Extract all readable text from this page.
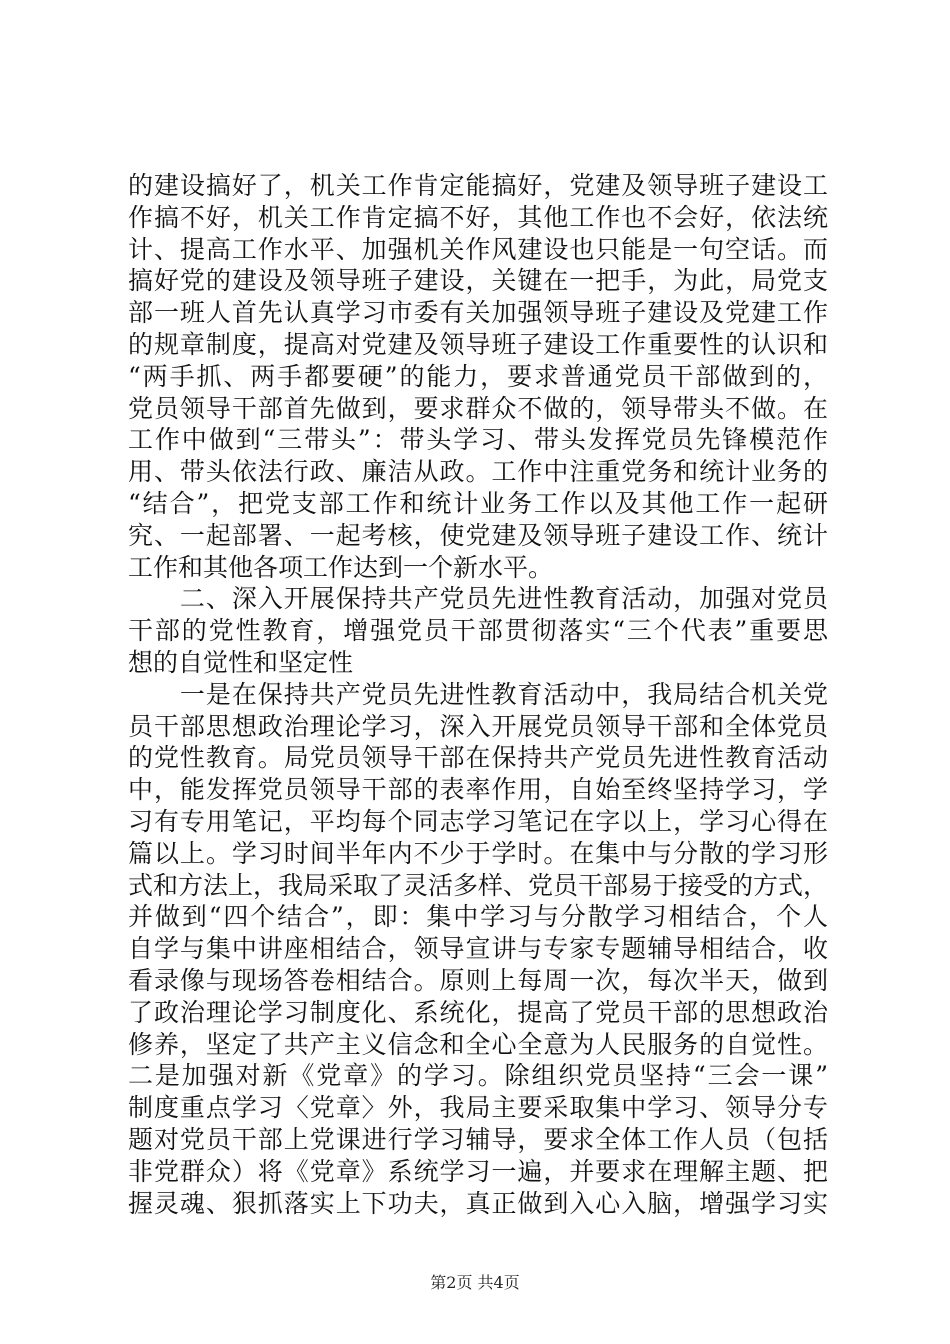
的建设搞好了，机关工作肯定能搞好，党建及领导班子建设工
作搞不好，机关工作肯定搞不好，其他工作也不会好，依法统
计、提高工作水平、加强机关作风建设也只能是一句空话。而
搞好党的建设及领导班子建设，关键在一把手，为此，局党支
部一班人首先认真学习市委有关加强领导班子建设及党建工作
的规章制度，提高对党建及领导班子建设工作重要性的认识和
“两手抓、两手都要硬”的能力，要求普通党员干部做到的，
党员领导干部首先做到，要求群众不做的，领导带头不做。在
工作中做到“三带头”：带头学习、带头发挥党员先锋模范作
用、带头依法行政、廉洁从政。工作中注重党务和统计业务的
“结合”，把党支部工作和统计业务工作以及其他工作一起研
究、一起部署、一起考核，使党建及领导班子建设工作、统计
工作和其他各项工作达到一个新水平。
　　二、深入开展保持共产党员先进性教育活动，加强对党员
干部的党性教育，增强党员干部贯彻落实“三个代表”重要思
想的自觉性和坚定性
　　一是在保持共产党员先进性教育活动中，我局结合机关党
员干部思想政治理论学习，深入开展党员领导干部和全体党员
的党性教育。局党员领导干部在保持共产党员先进性教育活动
中，能发挥党员领导干部的表率作用，自始至终坚持学习，学
习有专用笔记，平均每个同志学习笔记在字以上，学习心得在
篇以上。学习时间半年内不少于学时。在集中与分散的学习形
式和方法上，我局采取了灵活多样、党员干部易于接受的方式，
并做到“四个结合”，即：集中学习与分散学习相结合，个人
自学与集中讲座相结合，领导宣讲与专家专题辅导相结合，收
看录像与现场答卷相结合。原则上每周一次，每次半天，做到
了政治理论学习制度化、系统化，提高了党员干部的思想政治
修养，坚定了共产主义信念和全心全意为人民服务的自觉性。
二是加强对新《党章》的学习。除组织党员坚持“三会一课”
制度重点学习〈党章〉外，我局主要采取集中学习、领导分专
题对党员干部上党课进行学习辅导，要求全体工作人员（包括
非党群众）将《党章》系统学习一遍，并要求在理解主题、把
握灵魂、狠抓落实上下功夫，真正做到入心入脑，增强学习实
第2页 共4页
